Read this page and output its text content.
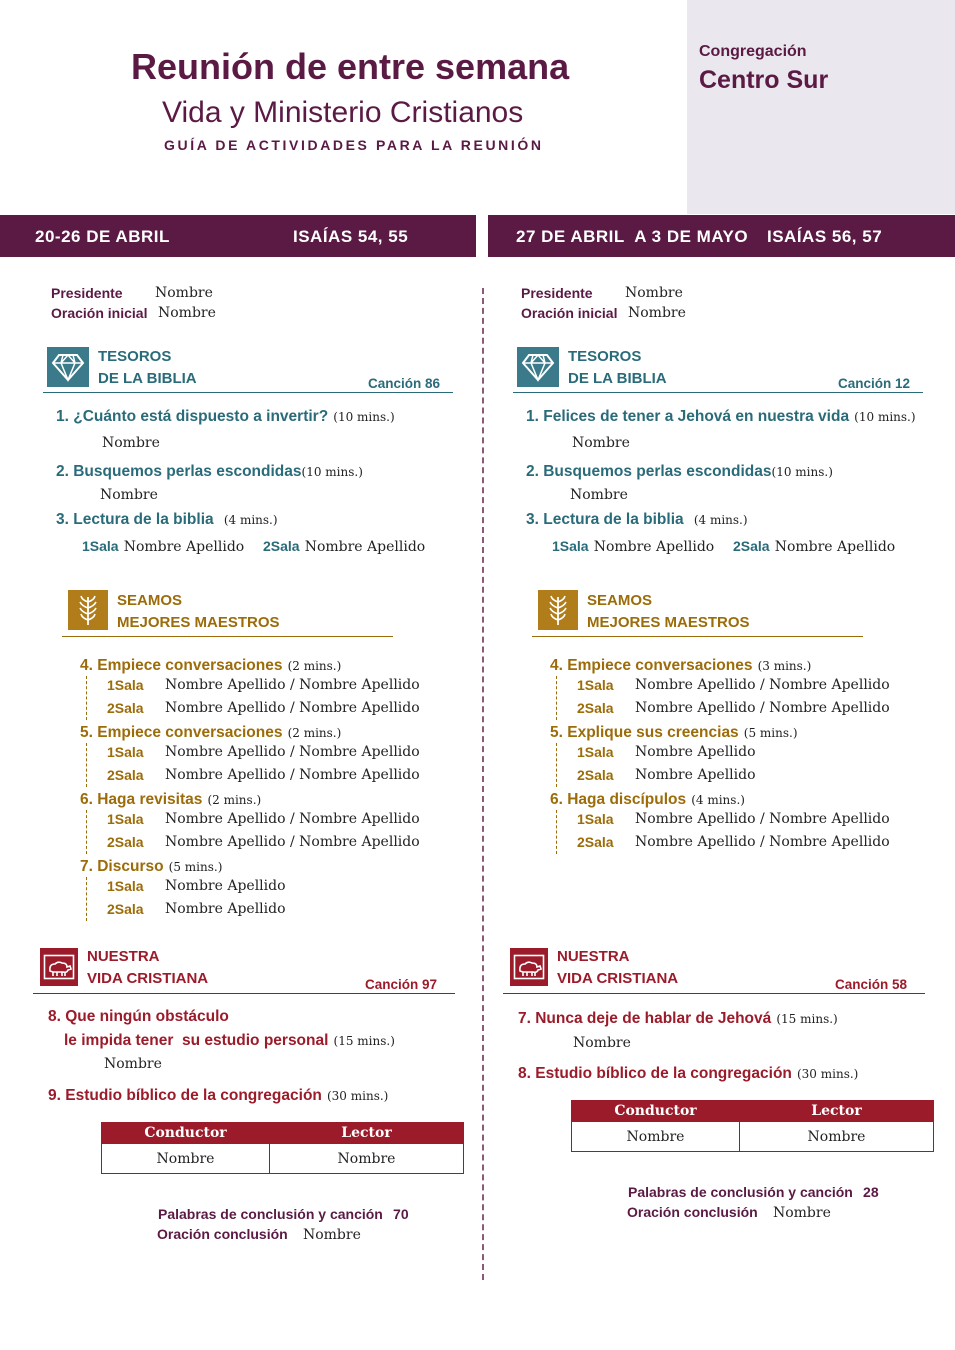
Reunión de entre semana
Vida y Ministerio Cristianos
GUÍA DE ACTIVIDADES PARA LA REUNIÓN
Congregación
Centro Sur
20-26 DE ABRIL	ISAÍAS 54, 55	27 DE ABRIL  A 3 DE MAYO ISAÍAS 56, 57
Presidente Nombre
Oración inicial Nombre
TESOROS
DE LA BIBLIA	Canción 86
1. ¿Cuánto está dispuesto a invertir? (10 mins.)
Nombre
2. Busquemos perlas escondidas(10 mins.)
Nombre
3. Lectura de la biblia (4 mins.)
1Sala Nombre Apellido 2Sala Nombre Apellido
SEAMOS
MEJORES MAESTROS
4. Empiece conversaciones (2 mins.)
1Sala Nombre Apellido / Nombre Apellido
2Sala Nombre Apellido / Nombre Apellido
5. Empiece conversaciones (2 mins.)
1Sala Nombre Apellido / Nombre Apellido
2Sala Nombre Apellido / Nombre Apellido
6. Haga revisitas (2 mins.)
1Sala Nombre Apellido / Nombre Apellido
2Sala Nombre Apellido / Nombre Apellido
7. Discurso (5 mins.)
1Sala Nombre Apellido
2Sala Nombre Apellido
NUESTRA
VIDA CRISTIANA	Canción 97
8. Que ningún obstáculo
le impida tener  su estudio personal (15 mins.)
Nombre
9. Estudio bíblico de la congregación (30 mins.)
Conductor	Lector
Nombre	Nombre
Palabras de conclusión y canción 70
Oración conclusión Nombre
Presidente Nombre
Oración inicial Nombre
TESOROS
DE LA BIBLIA	Canción 12
1. Felices de tener a Jehová en nuestra vida (10 mins.)
Nombre
2. Busquemos perlas escondidas(10 mins.)
Nombre
3. Lectura de la biblia (4 mins.)
1Sala Nombre Apellido 2Sala Nombre Apellido
SEAMOS
MEJORES MAESTROS
4. Empiece conversaciones (3 mins.)
1Sala Nombre Apellido / Nombre Apellido
2Sala Nombre Apellido / Nombre Apellido
5. Explique sus creencias (5 mins.)
1Sala Nombre Apellido
2Sala Nombre Apellido
6. Haga discípulos (4 mins.)
1Sala Nombre Apellido / Nombre Apellido
2Sala Nombre Apellido / Nombre Apellido
NUESTRA
VIDA CRISTIANA	Canción 58
7. Nunca deje de hablar de Jehová (15 mins.)
Nombre
8. Estudio bíblico de la congregación (30 mins.)
Conductor	Lector
Nombre	Nombre
Palabras de conclusión y canción 28
Oración conclusión Nombre
